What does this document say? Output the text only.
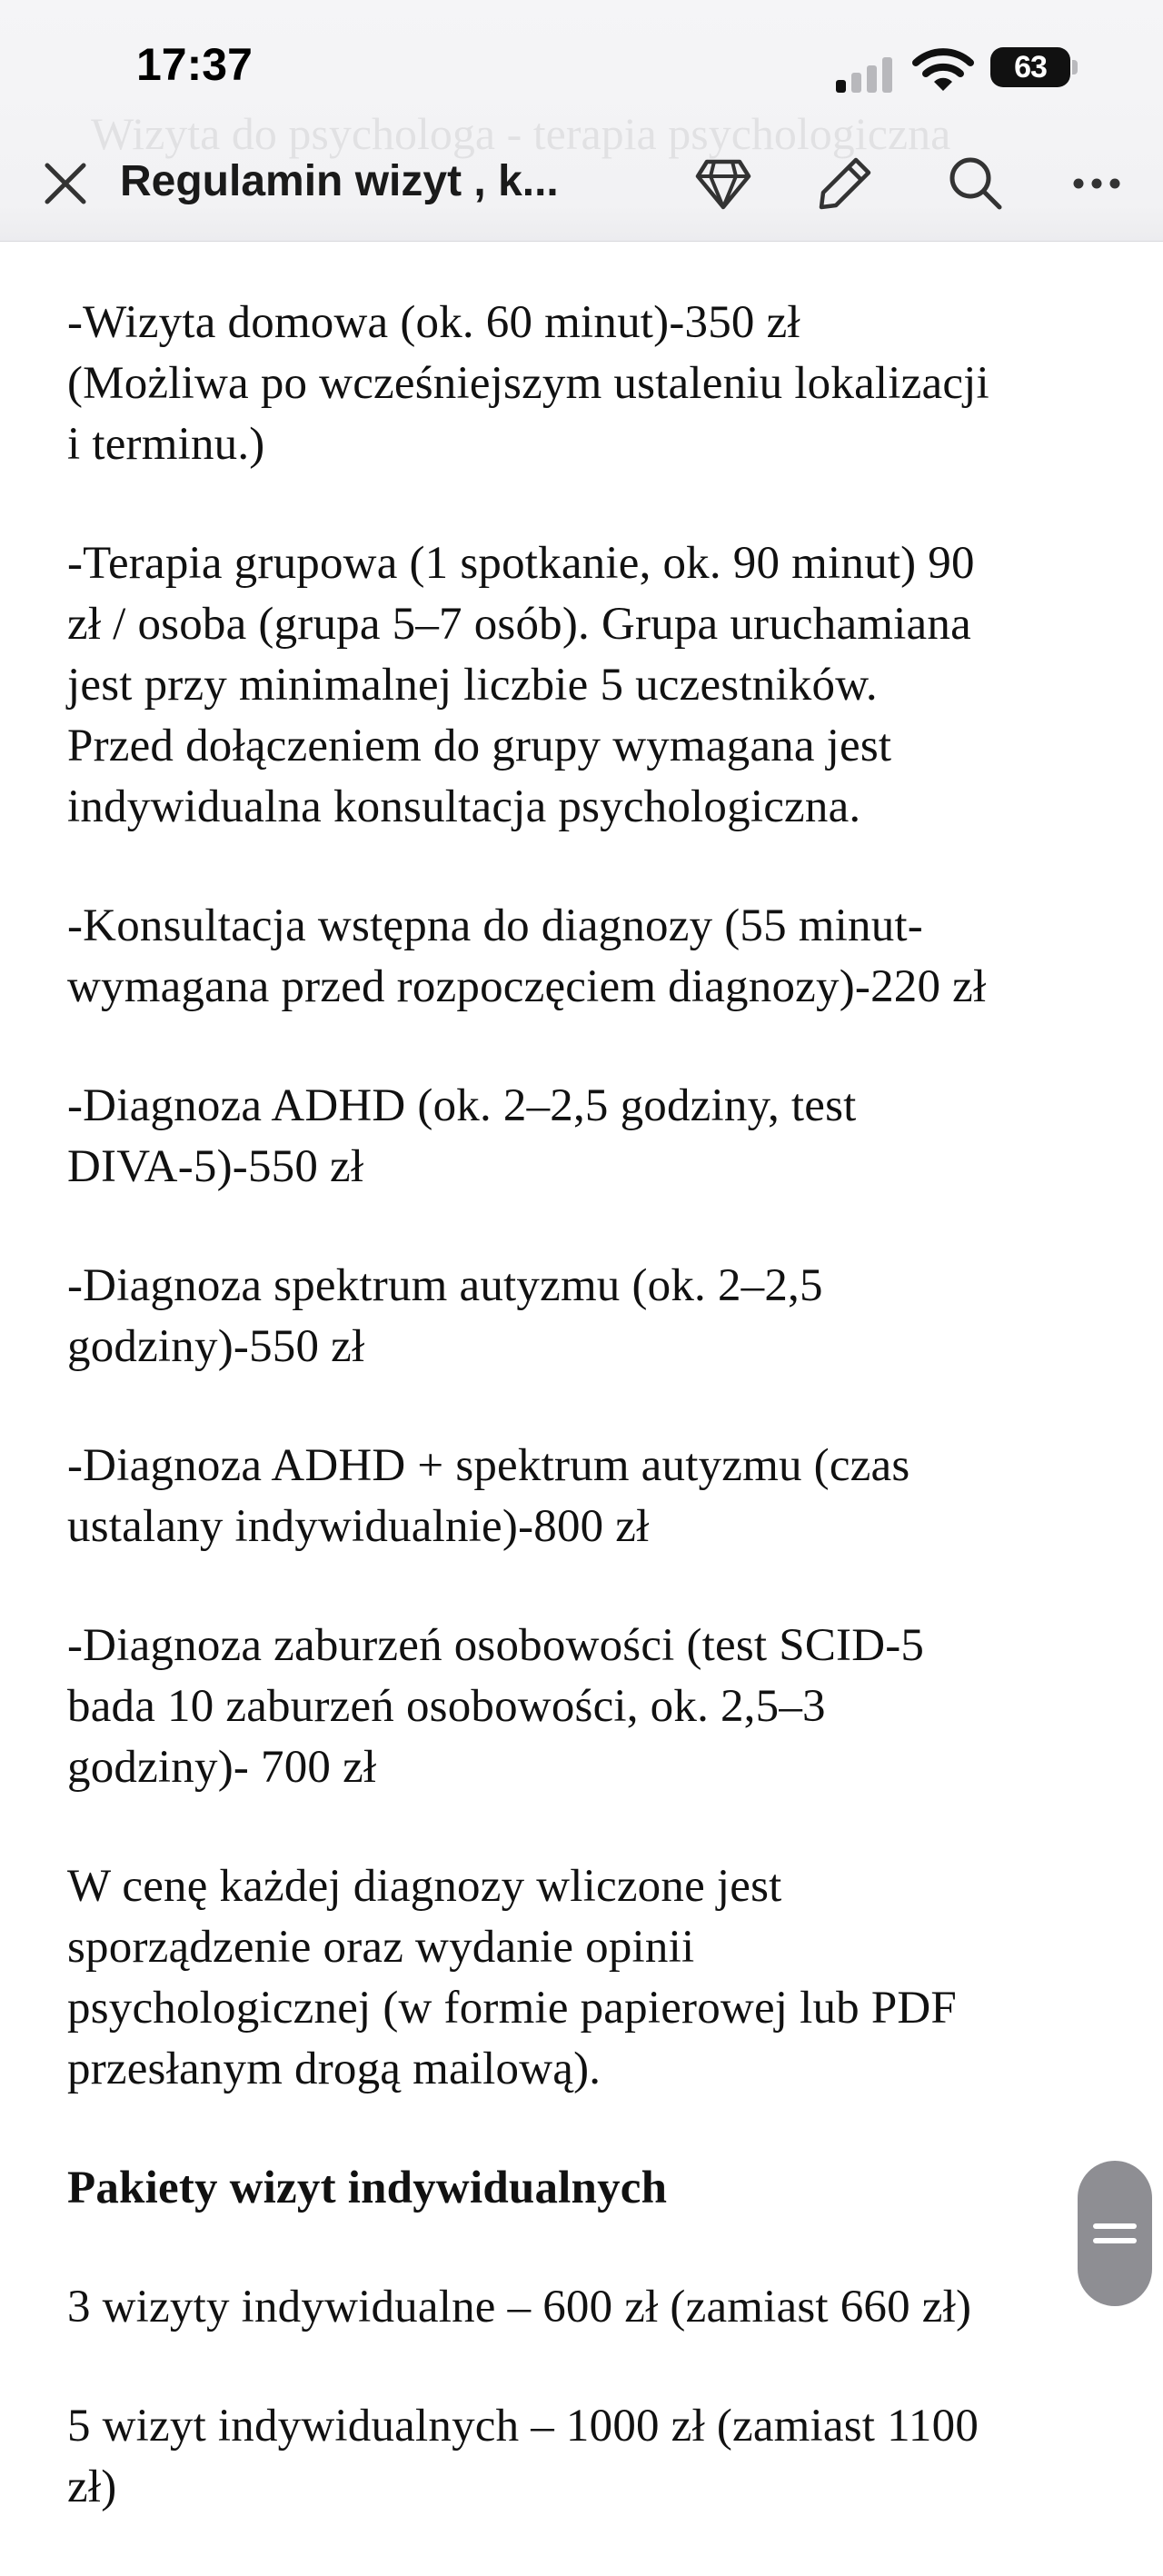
Wizyta do psychologa - terapia psychologiczna
17:37	63
Regulamin wizyt , k...

-Wizyta domowa (ok. 60 minut)-350 zł

(Możliwa po wcześniejszym ustaleniu lokalizacji

i terminu.)

-Terapia grupowa (1 spotkanie, ok. 90 minut) 90

zł / osoba (grupa 5–7 osób). Grupa uruchamiana

jest przy minimalnej liczbie 5 uczestników.

Przed dołączeniem do grupy wymagana jest

indywidualna konsultacja psychologiczna.

-Konsultacja wstępna do diagnozy (55 minut-

wymagana przed rozpoczęciem diagnozy)-220 zł

-Diagnoza ADHD (ok. 2–2,5 godziny, test

DIVA-5)-550 zł

-Diagnoza spektrum autyzmu (ok. 2–2,5

godziny)-550 zł

-Diagnoza ADHD + spektrum autyzmu (czas

ustalany indywidualnie)-800 zł

-Diagnoza zaburzeń osobowości (test SCID-5

bada 10 zaburzeń osobowości, ok. 2,5–3

godziny)- 700 zł

W cenę każdej diagnozy wliczone jest

sporządzenie oraz wydanie opinii

psychologicznej (w formie papierowej lub PDF

przesłanym drogą mailową).

Pakiety wizyt indywidualnych

3 wizyty indywidualne – 600 zł (zamiast 660 zł)

5 wizyt indywidualnych – 1000 zł (zamiast 1100

zł)
